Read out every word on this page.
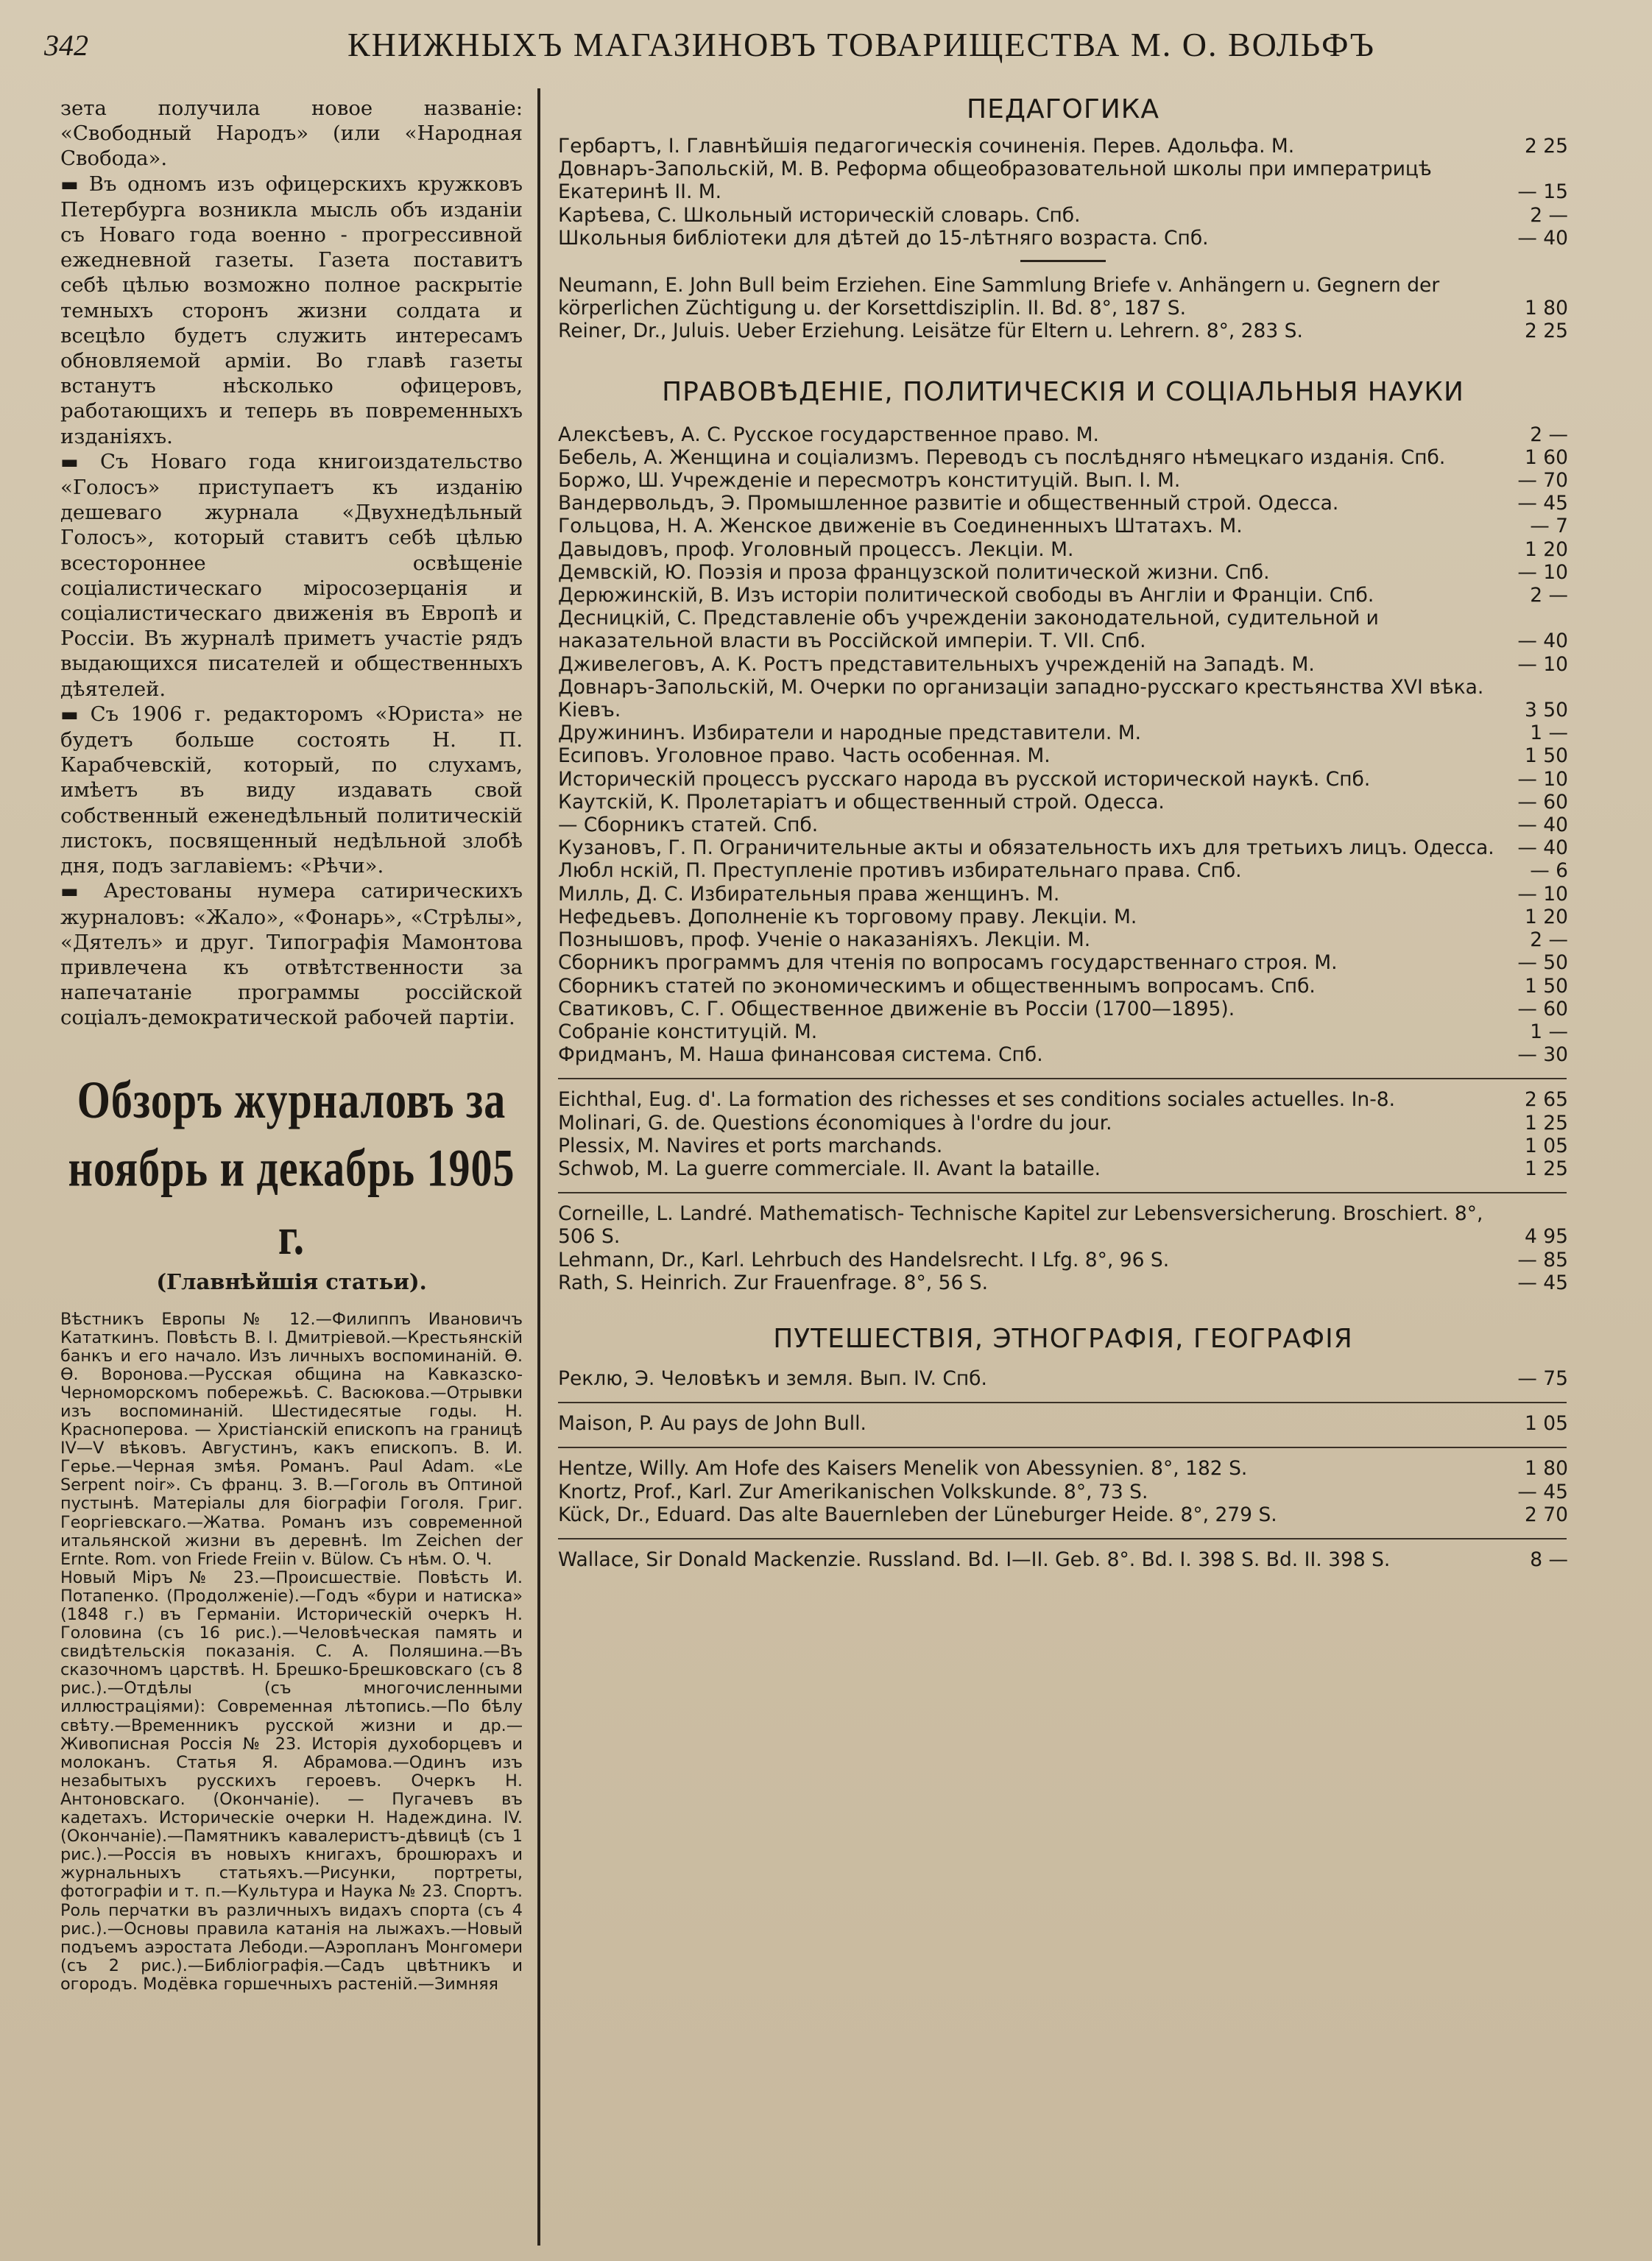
342	КНИЖНЫХЪ МАГАЗИНОВЪ ТОВАРИЩЕСТВА М. О. ВОЛЬФЪ

зета получила новое названіе: «Свободный Народъ» (или «Народная Свобода».

▬ Въ одномъ изъ офицерскихъ кружковъ Петербурга возникла мысль объ изданіи съ Новаго года военно - прогрессивной ежедневной газеты. Газета поставитъ себѣ цѣлью возможно полное раскрытіе темныхъ сторонъ жизни солдата и всецѣло будетъ служить интересамъ обновляемой арміи. Во главѣ газеты встанутъ нѣсколько офицеровъ, работающихъ и теперь въ повременныхъ изданіяхъ.

▬ Съ Новаго года книгоиздательство «Голосъ» приступаетъ къ изданію дешеваго журнала «Двухнедѣльный Голосъ», который ставитъ себѣ цѣлью всестороннее освѣщеніе соціалистическаго міросозерцанія и соціалистическаго движенія въ Европѣ и Россіи. Въ журналѣ приметъ участіе рядъ выдающихся писателей и общественныхъ дѣятелей.

▬ Съ 1906 г. редакторомъ «Юриста» не будетъ больше состоять Н. П. Карабчевскій, который, по слухамъ, имѣетъ въ виду издавать свой собственный еженедѣльный политическій листокъ, посвященный недѣльной злобѣ дня, подъ заглавіемъ: «Рѣчи».

▬ Арестованы нумера сатирическихъ журналовъ: «Жало», «Фонарь», «Стрѣлы», «Дятелъ» и друг. Типографія Мамонтова привлечена къ отвѣтственности за напечатаніе программы россійской соціалъ-демократической рабочей партіи.

Обзоръ журналовъ за ноябрь и декабрь 1905 г.
(Главнѣйшія статьи).

Вѣстникъ Европы № 12.—Филиппъ Ивановичъ Кататкинъ. Повѣсть В. І. Дмитріевой.—Крестьянскій банкъ и его начало. Изъ личныхъ воспоминаній. Ө. Ө. Воронова.—Русская община на Кавказско-Черноморскомъ побережьѣ. С. Васюкова.—Отрывки изъ воспоминаній. Шестидесятые годы. Н. Красноперова. — Христіанскій епископъ на границѣ IV—V вѣковъ. Августинъ, какъ епископъ. В. И. Герье.—Черная змѣя. Романъ. Paul Adam. «Le Serpent noir». Съ франц. З. В.—Гоголь въ Оптиной пустынѣ. Матеріалы для біографіи Гоголя. Григ. Георгіевскаго.—Жатва. Романъ изъ современной итальянской жизни въ деревнѣ. Im Zeichen der Ernte. Rom. von Friede Freiin v. Bülow. Съ нѣм. О. Ч.

Новый Міръ № 23.—Происшествіе. Повѣсть И. Потапенко. (Продолженіе).—Годъ «бури и натиска» (1848 г.) въ Германіи. Историческій очеркъ Н. Головина (съ 16 рис.).—Человѣческая память и свидѣтельскія показанія. С. А. Поляшина.—Въ сказочномъ царствѣ. Н. Брешко-Брешковскаго (съ 8 рис.).—Отдѣлы (съ многочисленными иллюстраціями): Современная лѣтопись.—По бѣлу свѣту.—Временникъ русской жизни и др.—Живописная Россія № 23. Исторія духоборцевъ и молоканъ. Статья Я. Абрамова.—Одинъ изъ незабытыхъ русскихъ героевъ. Очеркъ Н. Антоновскаго. (Окончаніе). — Пугачевъ въ кадетахъ. Историческіе очерки Н. Надеждина. IV. (Окончаніе).—Памятникъ кавалеристъ-дѣвицѣ (съ 1 рис.).—Россія въ новыхъ книгахъ, брошюрахъ и журнальныхъ статьяхъ.—Рисунки, портреты, фотографіи и т. п.—Культура и Наука № 23. Спортъ. Роль перчатки въ различныхъ видахъ спорта (съ 4 рис.).—Основы правила катанія на лыжахъ.—Новый подъемъ аэростата Лебоди.—Аэропланъ Монгомери (съ 2 рис.).—Библіографія.—Садъ цвѣтникъ и огородъ. Модёвка горшечныхъ растеній.—Зимняя

ПЕДАГОГИКА
Гербартъ, І. Главнѣйшія педагогическія сочиненія. Перев. Адольфа. М.	2 25
Довнаръ-Запольскій, М. В. Реформа общеобразовательной школы при императрицѣ Екатеринѣ II. М.	— 15
Карѣева, С. Школьный историческій словарь. Спб.	2 —
Школьныя библіотеки для дѣтей до 15-лѣтняго возраста. Спб.	— 40
Neumann, E. John Bull beim Erziehen. Eine Sammlung Briefe v. Anhängern u. Gegnern der körperlichen Züchtigung u. der Korsettdisziplin. II. Bd. 8°, 187 S.	1 80
Reiner, Dr., Juluis. Ueber Erziehung. Leisätze für Eltern u. Lehrern. 8°, 283 S.	2 25
ПРАВОВѢДЕНІЕ, ПОЛИТИЧЕСКІЯ И СОЦІАЛЬНЫЯ НАУКИ
Алексѣевъ, А. С. Русское государственное право. М.	2 —
Бебель, А. Женщина и соціализмъ. Переводъ съ послѣдняго нѣмецкаго изданія. Спб.	1 60
Боржо, Ш. Учрежденіе и пересмотръ конституцій. Вып. I. М.	— 70
Вандервольдъ, Э. Промышленное развитіе и общественный строй. Одесса.	— 45
Гольцова, Н. А. Женское движеніе въ Соединенныхъ Штатахъ. М.	— 7
Давыдовъ, проф. Уголовный процессъ. Лекціи. М.	1 20
Демвскій, Ю. Поэзія и проза французской политической жизни. Спб.	— 10
Дерюжинскій, В. Изъ исторіи политической свободы въ Англіи и Франціи. Спб.	2 —
Десницкій, С. Представленіе объ учрежденіи законодательной, судительной и наказательной власти въ Россійской имперіи. Т. VII. Спб.	— 40
Дживелеговъ, А. К. Ростъ представительныхъ учрежденій на Западѣ. М.	— 10
Довнаръ-Запольскій, М. Очерки по организаціи западно-русскаго крестьянства XVI вѣка. Кіевъ.	3 50
Дружининъ. Избиратели и народные представители. М.	1 —
Есиповъ. Уголовное право. Часть особенная. М.	1 50
Историческій процессъ русскаго народа въ русской исторической наукѣ. Спб.	— 10
Каутскій, К. Пролетаріатъ и общественный строй. Одесса.	— 60
— Сборникъ статей. Спб.	— 40
Кузановъ, Г. П. Ограничительные акты и обязательность ихъ для третьихъ лицъ. Одесса.	— 40
Любл нскій, П. Преступленіе противъ избирательнаго права. Спб.	— 6
Милль, Д. С. Избирательныя права женщинъ. М.	— 10
Нефедьевъ. Дополненіе къ торговому праву. Лекціи. М.	1 20
Познышовъ, проф. Ученіе о наказаніяхъ. Лекціи. М.	2 —
Сборникъ программъ для чтенія по вопросамъ государственнаго строя. М.	— 50
Сборникъ статей по экономическимъ и общественнымъ вопросамъ. Спб.	1 50
Сватиковъ, С. Г. Общественное движеніе въ Россіи (1700—1895).	— 60
Собраніе конституцій. М.	1 —
Фридманъ, М. Наша финансовая система. Спб.	— 30
Eichthal, Eug. d'. La formation des richesses et ses conditions sociales actuelles. In-8.	2 65
Molinari, G. de. Questions économiques à l'ordre du jour.	1 25
Plessix, M. Navires et ports marchands.	1 05
Schwob, M. La guerre commerciale. II. Avant la bataille.	1 25
Corneille, L. Landré. Mathematisch- Technische Kapitel zur Lebensversicherung. Broschiert. 8°, 506 S.	4 95
Lehmann, Dr., Karl. Lehrbuch des Handelsrecht. I Lfg. 8°, 96 S.	— 85
Rath, S. Heinrich. Zur Frauenfrage. 8°, 56 S.	— 45
ПУТЕШЕСТВІЯ, ЭТНОГРАФІЯ, ГЕОГРАФІЯ
Реклю, Э. Человѣкъ и земля. Вып. IV. Спб.	— 75
Maison, P. Au pays de John Bull.	1 05
Hentze, Willy. Am Hofe des Kaisers Menelik von Abessynien. 8°, 182 S.	1 80
Knortz, Prof., Karl. Zur Amerikanischen Volkskunde. 8°, 73 S.	— 45
Kück, Dr., Eduard. Das alte Bauernleben der Lüneburger Heide. 8°, 279 S.	2 70
Wallace, Sir Donald Mackenzie. Russland. Bd. I—II. Geb. 8°. Bd. I. 398 S. Bd. II. 398 S.	8 —
